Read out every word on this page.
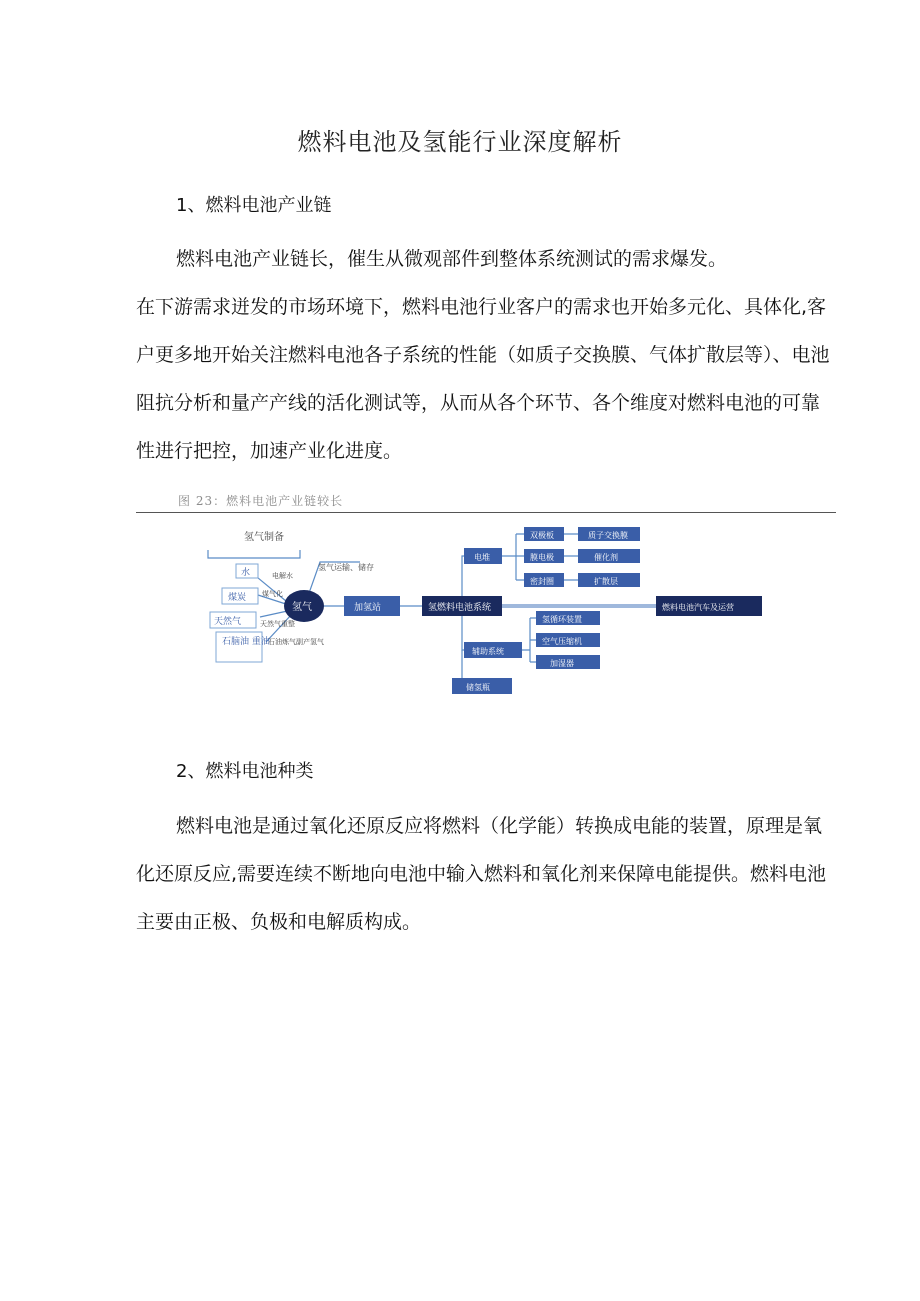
燃料电池及氢能行业深度解析
1、燃料电池产业链

燃料电池产业链长，催生从微观部件到整体系统测试的需求爆发。

在下游需求迸发的市场环境下，燃料电池行业客户的需求也开始多元化、具体化,客户更多地开始关注燃料电池各子系统的性能（如质子交换膜、气体扩散层等）、电池阻抗分析和量产产线的活化测试等，从而从各个环节、各个维度对燃料电池的可靠性进行把控，加速产业化进度。

图 23：燃料电池产业链较长
氢气制备
水	电解水
煤炭 煤气化
天然气	天然气重整
石脑油 重油
石油炼气 副产氢气
氢气
氢气运输、储存
加氢站	氢燃料电池系统
电堆
双极板
膜电极
密封圈
质子交换膜
催化剂
扩散层
辅助系统
氢循环装置
空气压缩机
加湿器
储氢瓶
燃料电池汽车及运营
2、燃料电池种类

燃料电池是通过氧化还原反应将燃料（化学能）转换成电能的装置，原理是氧化还原反应,需要连续不断地向电池中输入燃料和氧化剂来保障电能提供。燃料电池主要由正极、负极和电解质构成。
